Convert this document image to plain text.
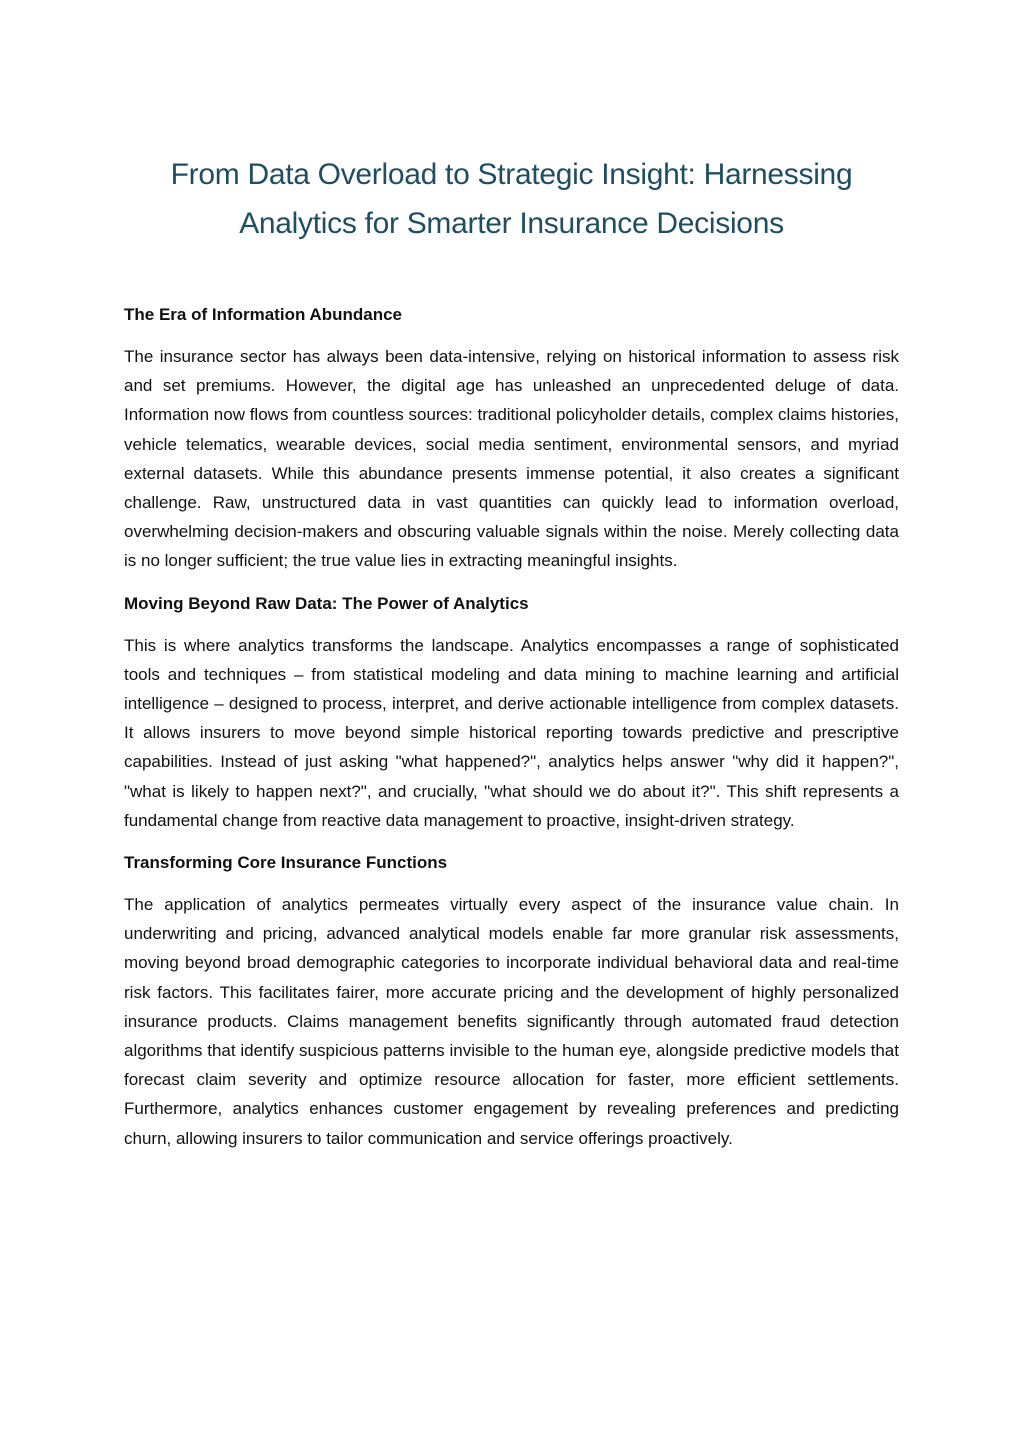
From Data Overload to Strategic Insight: Harnessing Analytics for Smarter Insurance Decisions
The Era of Information Abundance

The insurance sector has always been data-intensive, relying on historical information to assess risk and set premiums. However, the digital age has unleashed an unprecedented deluge of data. Information now flows from countless sources: traditional policyholder details, complex claims histories, vehicle telematics, wearable devices, social media sentiment, environmental sensors, and myriad external datasets. While this abundance presents immense potential, it also creates a significant challenge. Raw, unstructured data in vast quantities can quickly lead to information overload, overwhelming decision-makers and obscuring valuable signals within the noise. Merely collecting data is no longer sufficient; the true value lies in extracting meaningful insights.

Moving Beyond Raw Data: The Power of Analytics

This is where analytics transforms the landscape. Analytics encompasses a range of sophisticated tools and techniques – from statistical modeling and data mining to machine learning and artificial intelligence – designed to process, interpret, and derive actionable intelligence from complex datasets. It allows insurers to move beyond simple historical reporting towards predictive and prescriptive capabilities. Instead of just asking "what happened?", analytics helps answer "why did it happen?", "what is likely to happen next?", and crucially, "what should we do about it?". This shift represents a fundamental change from reactive data management to proactive, insight-driven strategy.

Transforming Core Insurance Functions

The application of analytics permeates virtually every aspect of the insurance value chain. In underwriting and pricing, advanced analytical models enable far more granular risk assessments, moving beyond broad demographic categories to incorporate individual behavioral data and real-time risk factors. This facilitates fairer, more accurate pricing and the development of highly personalized insurance products. Claims management benefits significantly through automated fraud detection algorithms that identify suspicious patterns invisible to the human eye, alongside predictive models that forecast claim severity and optimize resource allocation for faster, more efficient settlements. Furthermore, analytics enhances customer engagement by revealing preferences and predicting churn, allowing insurers to tailor communication and service offerings proactively.
